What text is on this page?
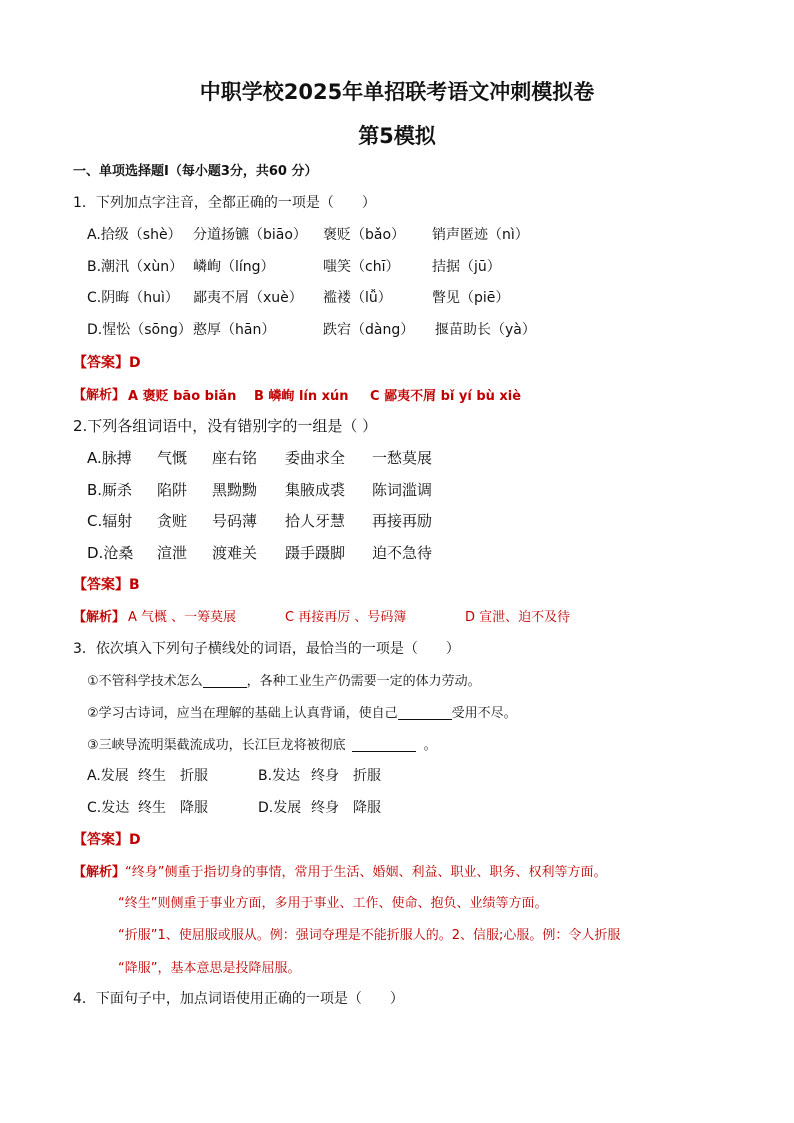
中职学校2025年单招联考语文冲刺模拟卷
第5模拟
一、单项选择题Ⅰ（每小题3分，共60 分）
1．下列加点字注音，全都正确的一项是（　　）
A.拾级（shè） 分道扬镳（biāo） 褒贬（bǎo） 销声匿迹（nì）
B.潮汛（xùn） 嶙峋（líng）	嗤笑（chī） 拮据（jū）
C.阴晦（huì） 鄙夷不屑（xuè） 褴褛（lǚ）	瞥见（piē）
D.惺忪（sōng） 憨厚（hān）	跌宕（dàng） 揠苗助长（yà）
【答案】D
【解析】 A 褒贬 bāo biǎn B 嶙峋 lín xún C 鄙夷不屑 bǐ yí bù xiè
2.下列各组词语中，没有错别字的一组是（ ）
A.脉搏 气慨 座右铭 委曲求全 一愁莫展
B.厮杀 陷阱 黑黝黝 集腋成裘 陈词滥调
C.辐射 贪赃 号码薄 拾人牙慧 再接再励
D.沧桑 渲泄 渡难关 蹑手蹑脚 迫不急待
【答案】B
【解析】 A 气概 、一筹莫展	C 再接再厉 、号码簿	D 宣泄、迫不及待
3．依次填入下列句子横线处的词语，最恰当的一项是（　　）
①不管科学技术怎么	，各种工业生产仍需要一定的体力劳动。
②学习古诗词，应当在理解的基础上认真背诵，使自己	受用不尽。
③三峡导流明渠截流成功，长江巨龙将被彻底	。
A.发展 终生 折服	B.发达 终身 折服
C.发达 终生 降服	D.发展 终身 降服
【答案】D
【解析】“终身”侧重于指切身的事情，常用于生活、婚姻、利益、职业、职务、权利等方面。
“终生”则侧重于事业方面，多用于事业、工作、使命、抱负、业绩等方面。
“折服”1、使屈服或服从。例：强词夺理是不能折服人的。2、信服;心服。例：令人折服
“降服”，基本意思是投降屈服。
4．下面句子中，加点词语使用正确的一项是（　　）
